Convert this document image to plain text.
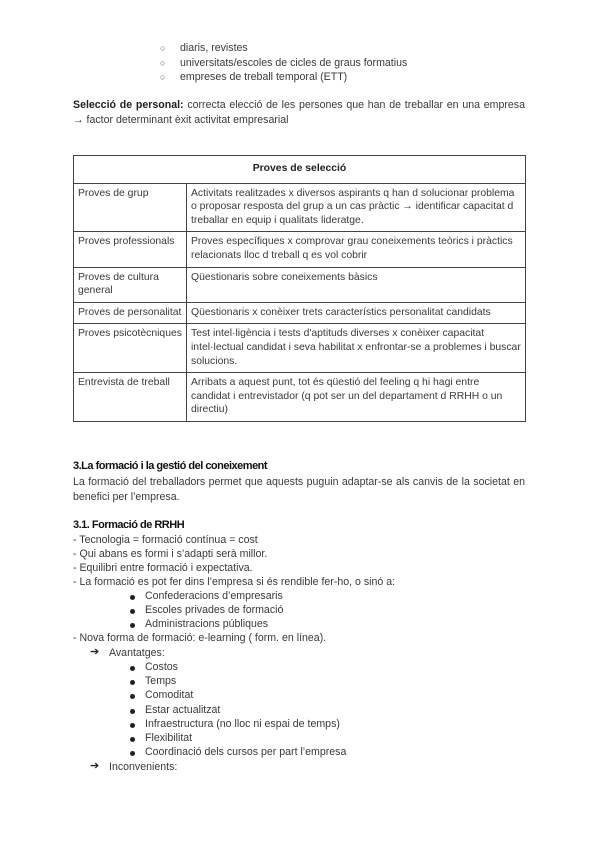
○ diaris, revistes
○ universitats/escoles de cicles de graus formatius
○ empreses de treball temporal (ETT)
Selecció de personal: correcta elecció de les persones que han de treballar en una empresa → factor determinant èxit activitat empresarial
Proves de selecció	
Proves de grup	Activitats realitzades x diversos aspirants q han d solucionar problema o proposar resposta del grup a un cas pràctic → identificar capacitat d treballar en equip i qualitats lideratge.
Proves professionals	Proves específiques x comprovar grau coneixements teòrics i pràctics relacionats lloc d treball q es vol cobrir
Proves de cultura general	Qüestionaris sobre coneixements bàsics
Proves de personalitat	Qüestionaris x conèixer trets característics personalitat candidats
Proves psicotècniques	Test intel·ligència i tests d'aptituds diverses x conèixer capacitat intel·lectual candidat i seva habilitat x enfrontar-se a problemes i buscar solucions.
Entrevista de treball	Arribats a aquest punt, tot és qüestió del feeling q hi hagi entre candidat i entrevistador (q pot ser un del departament d RRHH o un directiu)
3.La formació i la gestió del coneixement
La formació del treballadors permet que aquests puguin adaptar-se als canvis de la societat en benefici per l’empresa.
3.1. Formació de RRHH
- Tecnologia = formació contínua = cost
- Qui abans es formi i s’adapti serà millor.
- Equilibri entre formació i expectativa.
- La formació es pot fer dins l’empresa si és rendible fer-ho, o sinó a:
Confederacions d’empresaris
Escoles privades de formació
Administracions públiques
- Nova forma de formació: e-learning ( form. en línea).
➔ Avantatges:
Costos
Temps
Comoditat
Estar actualitzat
Infraestructura (no lloc ni espai de temps)
Flexibilitat
Coordinació dels cursos per part l’empresa
➔ Inconvenients:
